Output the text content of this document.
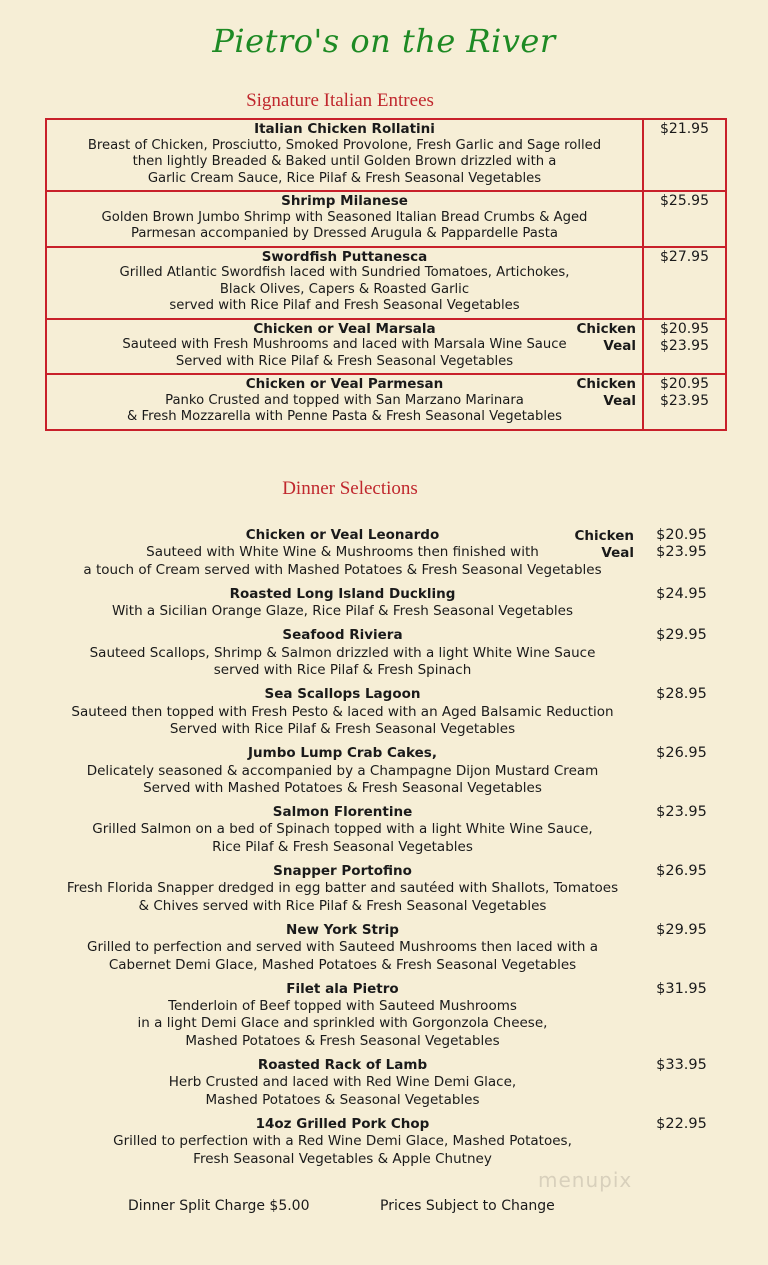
Pietro's on the River
Signature Italian Entrees
Italian Chicken Rollatini
Breast of Chicken, Prosciutto, Smoked Provolone, Fresh Garlic and Sage rolled
then lightly Breaded & Baked until Golden Brown drizzled with a
Garlic Cream Sauce, Rice Pilaf & Fresh Seasonal Vegetables
$21.95
Shrimp Milanese
Golden Brown Jumbo Shrimp with Seasoned Italian Bread Crumbs & Aged
Parmesan accompanied by Dressed Arugula & Pappardelle Pasta
$25.95
Swordfish Puttanesca
Grilled Atlantic Swordfish laced with Sundried Tomatoes, Artichokes,
Black Olives, Capers & Roasted Garlic
served with Rice Pilaf and Fresh Seasonal Vegetables
$27.95
Chicken or Veal Marsala
Sauteed with Fresh Mushrooms and laced with Marsala Wine Sauce
Served with Rice Pilaf & Fresh Seasonal Vegetables
Chicken
Veal
$20.95
$23.95
Chicken or Veal Parmesan
Panko Crusted and topped with San Marzano Marinara
& Fresh Mozzarella with Penne Pasta & Fresh Seasonal Vegetables
Chicken
Veal
$20.95
$23.95
Dinner Selections
Chicken or Veal Leonardo
Sauteed with White Wine & Mushrooms then finished with
a touch of Cream served with Mashed Potatoes & Fresh Seasonal Vegetables
Chicken
Veal
$20.95
$23.95
Roasted Long Island Duckling
With a Sicilian Orange Glaze, Rice Pilaf & Fresh Seasonal Vegetables
$24.95
Seafood Riviera
Sauteed Scallops, Shrimp & Salmon drizzled with a light White Wine Sauce
served with Rice Pilaf & Fresh Spinach
$29.95
Sea Scallops Lagoon
Sauteed then topped with Fresh Pesto & laced with an Aged Balsamic Reduction
Served with Rice Pilaf & Fresh Seasonal Vegetables
$28.95
Jumbo Lump Crab Cakes,
Delicately seasoned & accompanied by a Champagne Dijon Mustard Cream
Served with Mashed Potatoes & Fresh Seasonal Vegetables
$26.95
Salmon Florentine
Grilled Salmon on a bed of Spinach topped with a light White Wine Sauce,
Rice Pilaf & Fresh Seasonal Vegetables
$23.95
Snapper Portofino
Fresh Florida Snapper dredged in egg batter and sautéed with Shallots, Tomatoes
& Chives served with Rice Pilaf & Fresh Seasonal Vegetables
$26.95
New York Strip
Grilled to perfection and served with Sauteed Mushrooms then laced with a
Cabernet Demi Glace, Mashed Potatoes & Fresh Seasonal Vegetables
$29.95
Filet ala Pietro
Tenderloin of Beef topped with Sauteed Mushrooms
in a light Demi Glace and sprinkled with Gorgonzola Cheese,
Mashed Potatoes & Fresh Seasonal Vegetables
$31.95
Roasted Rack of Lamb
Herb Crusted and laced with Red Wine Demi Glace,
Mashed Potatoes & Seasonal Vegetables
$33.95
14oz Grilled Pork Chop
Grilled to perfection with a Red Wine Demi Glace, Mashed Potatoes,
Fresh Seasonal Vegetables & Apple Chutney
$22.95
Dinner Split Charge $5.00	Prices Subject to Change
menupix
